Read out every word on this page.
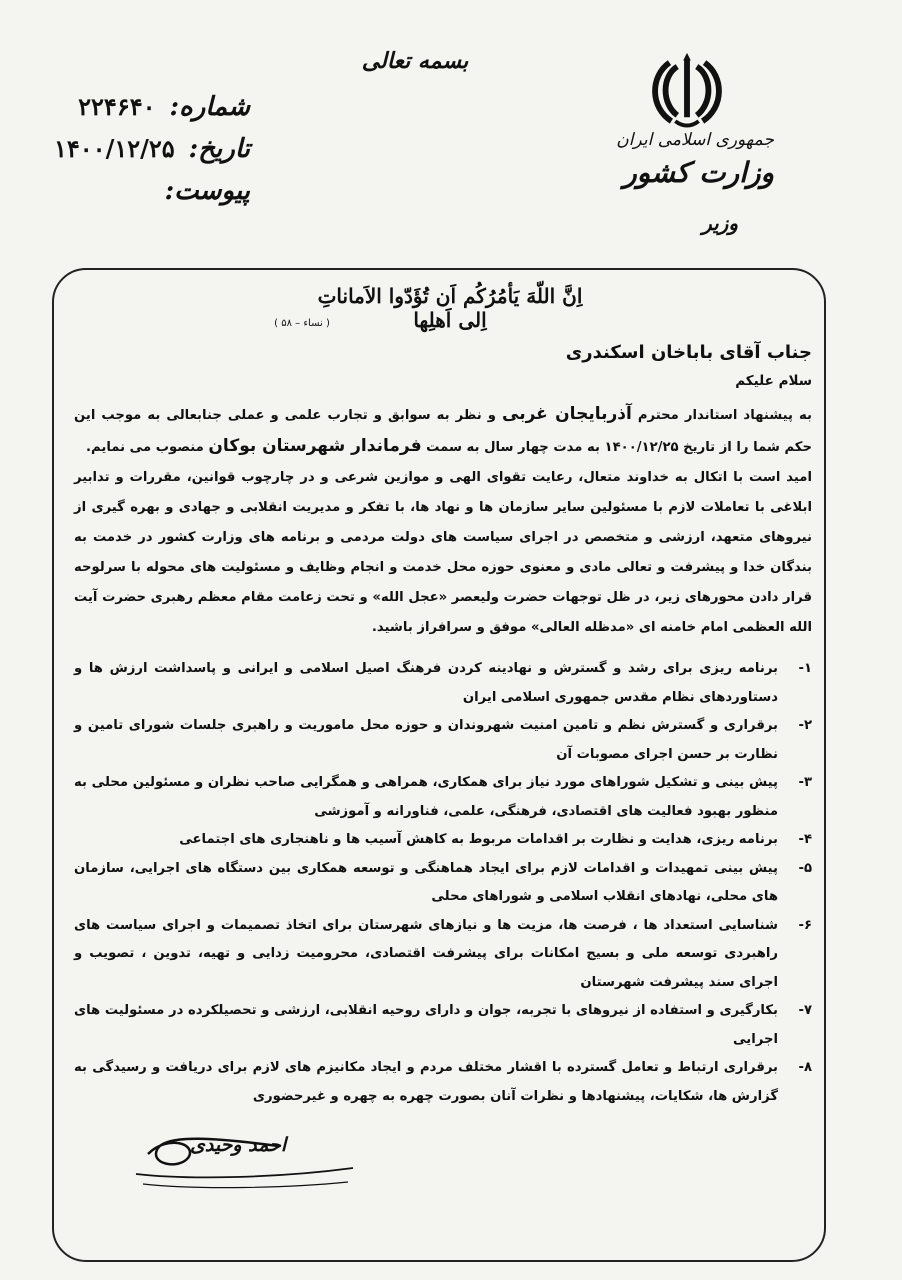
جمهوری اسلامی ایران
وزارت کشور
وزیر
بسمه تعالی
شماره:
۲۲۴۶۴۰
تاریخ:
۱۴۰۰/۱۲/۲۵
پیوست:
اِنَّ اللّهَ یَأمُرُکُم اَن تُؤَدّوا الاَماناتِ اِلی اَهلِها
( نساء – ۵۸ )

جناب آقای باباخان اسکندری

سلام علیکم

به پیشنهاد استاندار محترم آذربایجان غربی و نظر به سوابق و تجارب علمی و عملی جنابعالی به موجب این حکم شما را از تاریخ ۱۴۰۰/۱۲/۲۵ به مدت چهار سال به سمت فرماندار شهرستان بوکان منصوب می نمایم.

امید است با اتکال به خداوند متعال، رعایت تقوای الهی و موازین شرعی و در چارچوب قوانین، مقررات و تدابیر ابلاغی با تعاملات لازم با مسئولین سایر سازمان ها و نهاد ها، با تفکر و مدیریت انقلابی و جهادی و بهره گیری از نیروهای متعهد، ارزشی و متخصص در اجرای سیاست های دولت مردمی و برنامه های وزارت کشور در خدمت به بندگان خدا و پیشرفت و تعالی مادی و معنوی حوزه محل خدمت و انجام وظایف و مسئولیت های محوله با سرلوحه قرار دادن محورهای زیر، در ظل توجهات حضرت ولیعصر «عجل الله» و تحت زعامت مقام معظم رهبری حضرت آیت الله العظمی امام خامنه ای «مدظله العالی» موفق و سرافراز باشید.

۱-
برنامه ریزی برای رشد و گسترش و نهادینه کردن فرهنگ اصیل اسلامی و ایرانی و پاسداشت ارزش ها و دستاوردهای نظام مقدس جمهوری اسلامی ایران
۲-
برقراری و گسترش نظم و تامین امنیت شهروندان و حوزه محل ماموریت و راهبری جلسات شورای تامین و نظارت بر حسن اجرای مصوبات آن
۳-
پیش بینی و تشکیل شوراهای مورد نیاز برای همکاری، همراهی و همگرایی صاحب نظران و مسئولین محلی به منظور بهبود فعالیت های اقتصادی، فرهنگی، علمی، فناورانه و آموزشی
۴-
برنامه ریزی، هدایت و نظارت بر اقدامات مربوط به کاهش آسیب ها و ناهنجاری های اجتماعی
۵-
پیش بینی تمهیدات و اقدامات لازم برای ایجاد هماهنگی و توسعه همکاری بین دستگاه های اجرایی، سازمان های محلی، نهادهای انقلاب اسلامی و شوراهای محلی
۶-
شناسایی استعداد ها ، فرصت ها، مزیت ها و نیازهای شهرستان برای اتخاذ تصمیمات و اجرای سیاست های راهبردی توسعه ملی و بسیج امکانات برای پیشرفت اقتصادی، محرومیت زدایی و تهیه، تدوین ، تصویب و اجرای سند پیشرفت شهرستان
۷-
بکارگیری و استفاده از نیروهای با تجربه، جوان و دارای روحیه انقلابی، ارزشی و تحصیلکرده در مسئولیت های اجرایی
۸-
برقراری ارتباط و تعامل گسترده با اقشار مختلف مردم و ایجاد مکانیزم های لازم برای دریافت و رسیدگی به گزارش ها، شکایات، پیشنهادها و نظرات آنان بصورت چهره به چهره و غیرحضوری
احمد وحیدی
